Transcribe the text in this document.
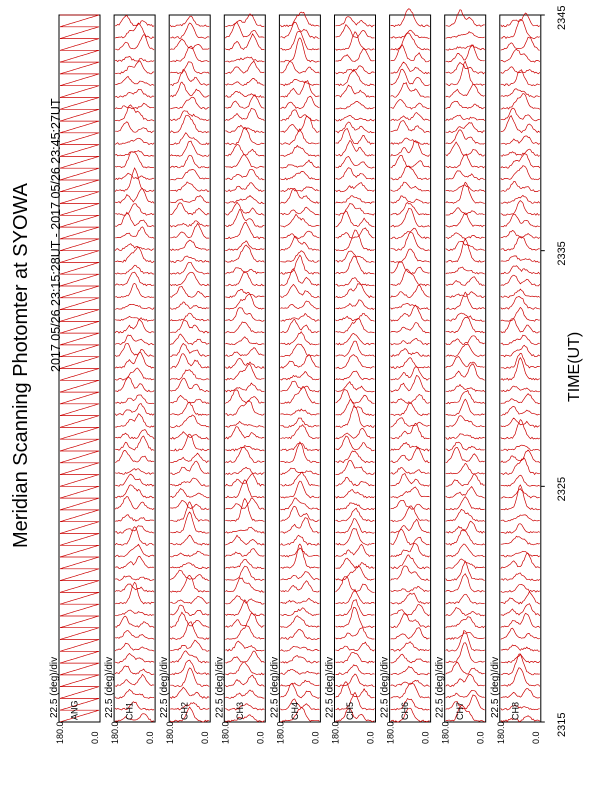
Meridian Scanning Photomter at SYOWA 2017 05/26 23:15:28UT - 2017 05/26 23:45:27UT	TIME(UT)
22.5 (deg)/div
180.0	0.0
ANG 22.5 (deg)/div
180.0	0.0
CH1 22.5 (deg)/div
180.0	0.0
CH2 22.5 (deg)/div
180.0	0.0
CH3 22.5 (deg)/div
180.0	0.0
CH4 22.5 (deg)/div
180.0	0.0
CH5 22.5 (deg)/div
180.0	0.0
CH6 22.5 (deg)/div
180.0	0.0
CH7 22.5 (deg)/div
180.0	0.0
CH8
2315
2325
2335
2345
